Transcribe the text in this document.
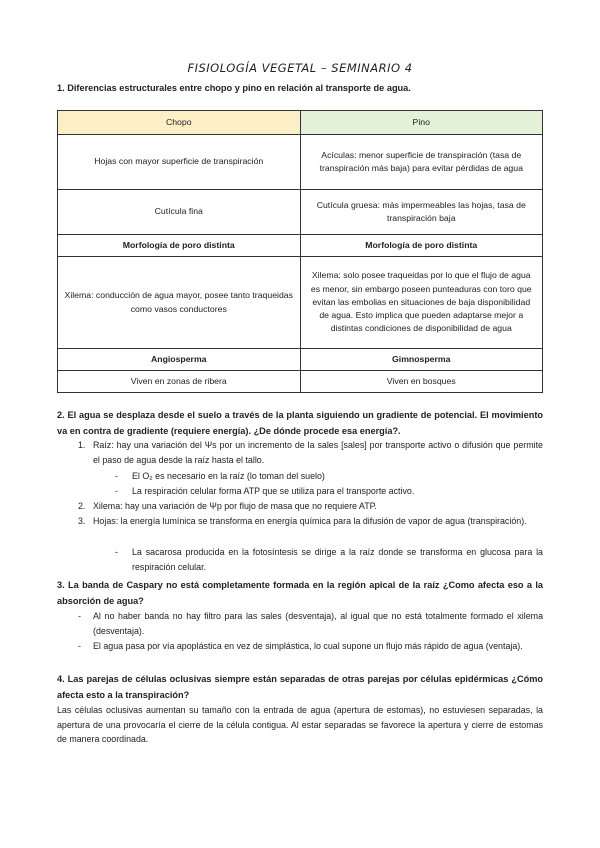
FISIOLOGÍA VEGETAL – SEMINARIO 4
1. Diferencias estructurales entre chopo y pino en relación al transporte de agua.
Chopo	Pino
Hojas con mayor superficie de transpiración	Acículas: menor superficie de transpiración (tasa de transpiración más baja) para evitar pérdidas de agua
Cutícula fina	Cutícula gruesa: más impermeables las hojas, tasa de transpiración baja
Morfología de poro distinta	Morfología de poro distinta
Xilema: conducción de agua mayor, posee tanto traqueidas como vasos conductores	Xilema: solo posee traqueidas por lo que el flujo de agua es menor, sin embargo poseen punteaduras con toro que evitan las embolias en situaciones de baja disponibilidad de agua. Esto implica que pueden adaptarse mejor a distintas condiciones de disponibilidad de agua
Angiosperma	Gimnosperma
Viven en zonas de ribera	Viven en bosques
2. El agua se desplaza desde el suelo a través de la planta siguiendo un gradiente de potencial. El movimiento va en contra de gradiente (requiere energía). ¿De dónde procede esa energía?.
Raíz: hay una variación del Ψs por un incremento de la sales [sales] por transporte activo o difusión que permite el paso de agua desde la raíz hasta el tallo.
1.
El O₂ es necesario en la raíz (lo toman del suelo)
-
La respiración celular forma ATP que se utiliza para el transporte activo.
-
Xilema: hay una variación de Ψp por flujo de masa que no requiere ATP.
2.
Hojas: la energía lumínica se transforma en energía química para la difusión de vapor de agua (transpiración).
3.
La sacarosa producida en la fotosíntesis se dirige a la raíz donde se transforma en glucosa para la respiración celular.
-
3. La banda de Caspary no está completamente formada en la región apical de la raíz ¿Como afecta eso a la absorción de agua?
Al no haber banda no hay filtro para las sales (desventaja), al igual que no está totalmente formado el xilema (desventaja).
-
El agua pasa por vía apoplástica en vez de simplástica, lo cual supone un flujo más rápido de agua (ventaja).
-
4. Las parejas de células oclusivas siempre están separadas de otras parejas por células epidérmicas ¿Cómo afecta esto a la transpiración?
Las células oclusivas aumentan su tamaño con la entrada de agua (apertura de estomas), no estuviesen separadas, la apertura de una provocaría el cierre de la célula contigua. Al estar separadas se favorece la apertura y cierre de estomas de manera coordinada.
